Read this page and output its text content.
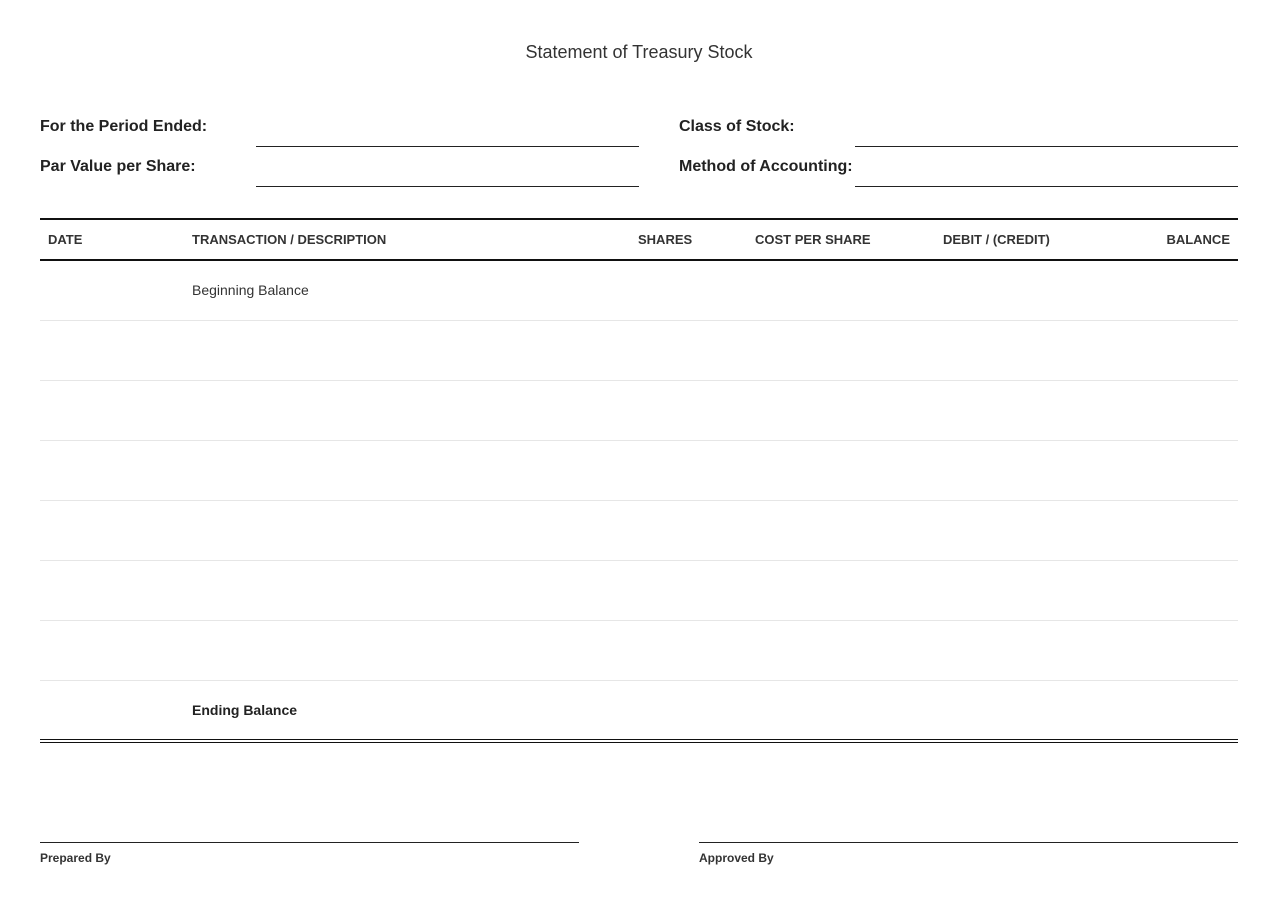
Statement of Treasury Stock
For the Period Ended:
Par Value per Share:
Class of Stock:
Method of Accounting:
DATE	TRANSACTION / DESCRIPTION	SHARES	COST PER SHARE	DEBIT / (CREDIT)	BALANCE
Beginning Balance
Ending Balance
Prepared By	Approved By
